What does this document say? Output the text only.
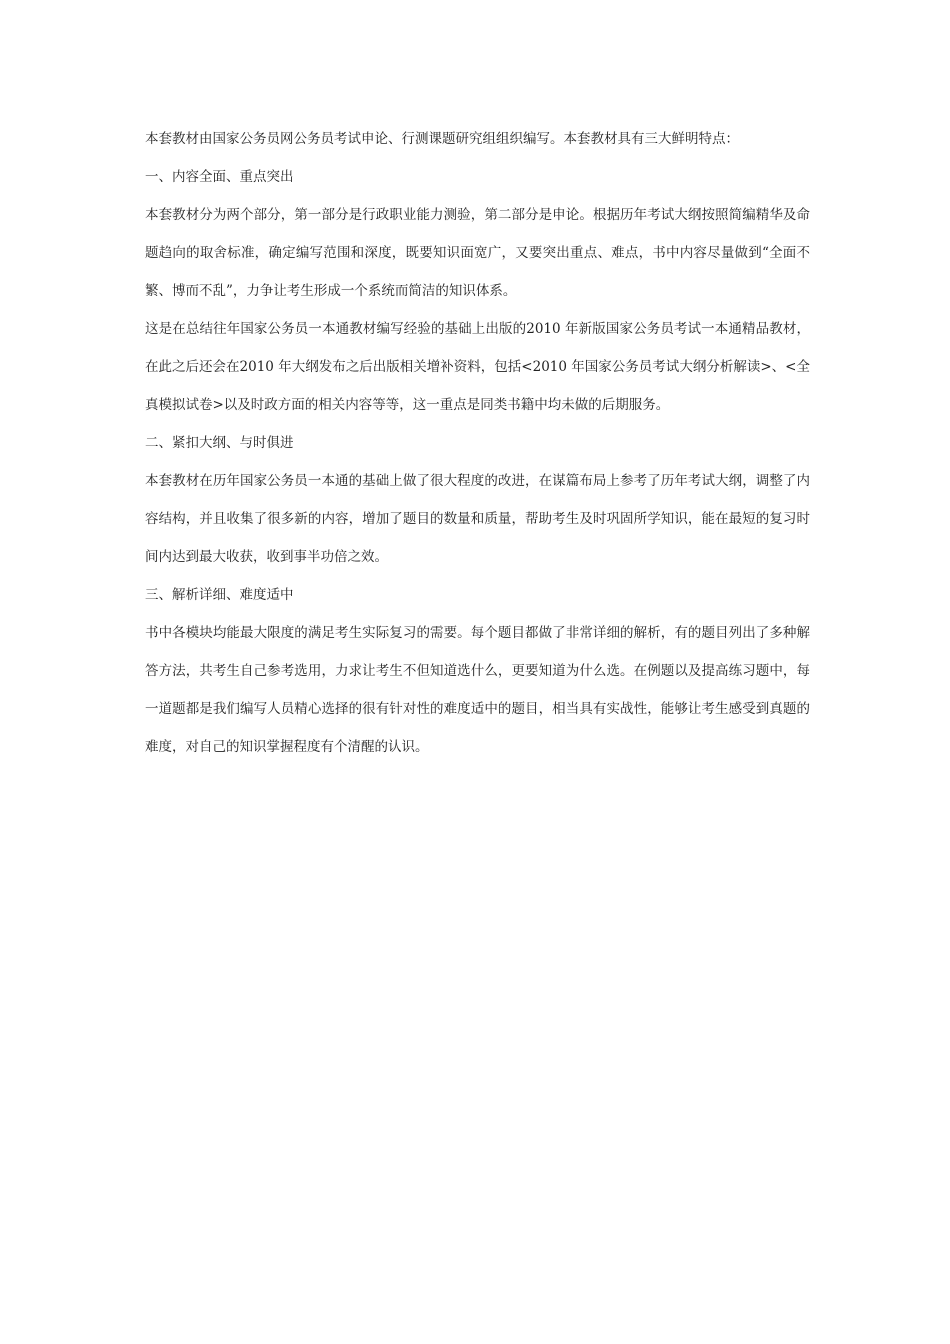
本套教材由国家公务员网公务员考试申论、行测课题研究组组织编写。本套教材具有三大鲜明特点：

一、内容全面、重点突出

本套教材分为两个部分，第一部分是行政职业能力测验，第二部分是申论。根据历年考试大纲按照简编精华及命题趋向的取舍标准，确定编写范围和深度，既要知识面宽广，又要突出重点、难点，书中内容尽量做到“全面不繁、博而不乱”，力争让考生形成一个系统而简洁的知识体系。

这是在总结往年国家公务员一本通教材编写经验的基础上出版的2010 年新版国家公务员考试一本通精品教材，在此之后还会在2010 年大纲发布之后出版相关增补资料，包括<2010 年国家公务员考试大纲分析解读>、<全真模拟试卷>以及时政方面的相关内容等等，这一重点是同类书籍中均未做的后期服务。

二、紧扣大纲、与时俱进

本套教材在历年国家公务员一本通的基础上做了很大程度的改进，在谋篇布局上参考了历年考试大纲，调整了内容结构，并且收集了很多新的内容，增加了题目的数量和质量，帮助考生及时巩固所学知识，能在最短的复习时间内达到最大收获，收到事半功倍之效。

三、解析详细、难度适中

书中各模块均能最大限度的满足考生实际复习的需要。每个题目都做了非常详细的解析，有的题目列出了多种解答方法，共考生自己参考选用，力求让考生不但知道选什么，更要知道为什么选。在例题以及提高练习题中，每一道题都是我们编写人员精心选择的很有针对性的难度适中的题目，相当具有实战性，能够让考生感受到真题的难度，对自己的知识掌握程度有个清醒的认识。
